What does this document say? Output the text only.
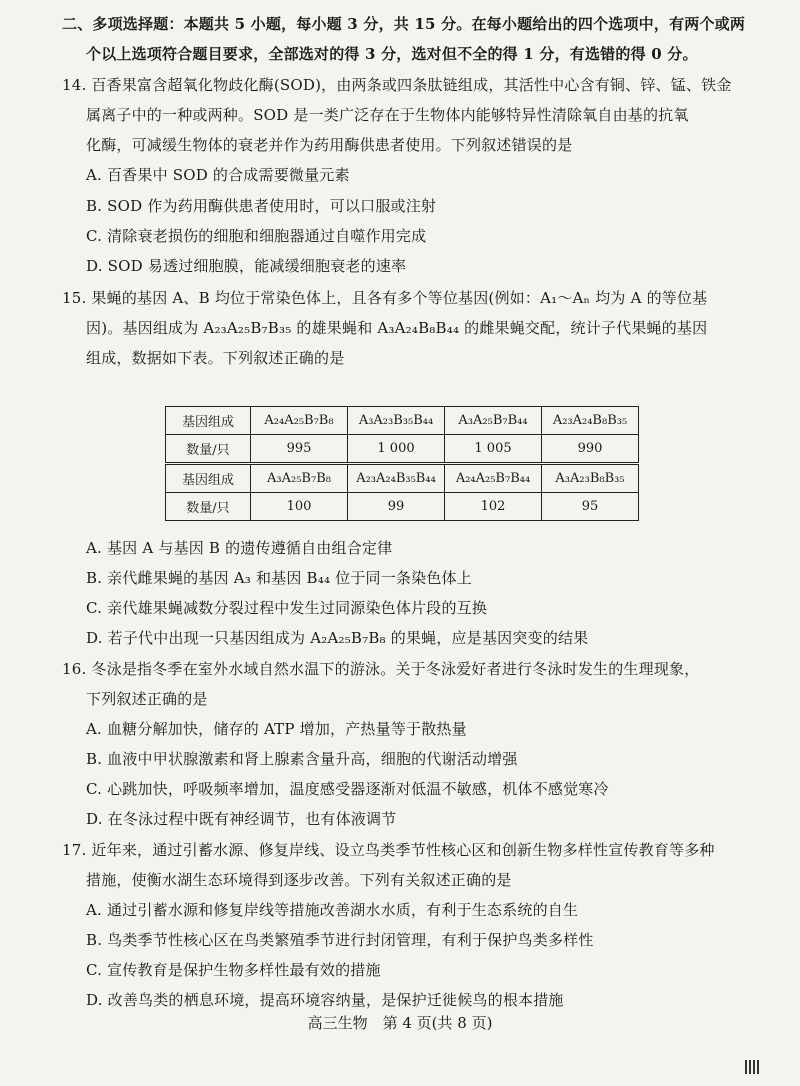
二、多项选择题：本题共 5 小题，每小题 3 分，共 15 分。在每小题给出的四个选项中，有两个或两
个以上选项符合题目要求，全部选对的得 3 分，选对但不全的得 1 分，有选错的得 0 分。
14. 百香果富含超氧化物歧化酶(SOD)，由两条或四条肽链组成，其活性中心含有铜、锌、锰、铁金
属离子中的一种或两种。SOD 是一类广泛存在于生物体内能够特异性清除氧自由基的抗氧
化酶，可减缓生物体的衰老并作为药用酶供患者使用。下列叙述错误的是
A. 百香果中 SOD 的合成需要微量元素
B. SOD 作为药用酶供患者使用时，可以口服或注射
C. 清除衰老损伤的细胞和细胞器通过自噬作用完成
D. SOD 易透过细胞膜，能减缓细胞衰老的速率
15. 果蝇的基因 A、B 均位于常染色体上，且各有多个等位基因(例如：A₁～Aₙ 均为 A 的等位基
因)。基因组成为 A₂₃A₂₅B₇B₃₅ 的雄果蝇和 A₃A₂₄B₈B₄₄ 的雌果蝇交配，统计子代果蝇的基因
组成，数据如下表。下列叙述正确的是
基因组成	A₂₄A₂₅B₇B₈	A₃A₂₃B₃₅B₄₄	A₃A₂₅B₇B₄₄	A₂₃A₂₄B₈B₃₅
数量/只	995	1 000	1 005	990
基因组成	A₃A₂₅B₇B₈	A₂₃A₂₄B₃₅B₄₄	A₂₄A₂₅B₇B₄₄	A₃A₂₃B₈B₃₅
数量/只	100	99	102	95
A. 基因 A 与基因 B 的遗传遵循自由组合定律
B. 亲代雌果蝇的基因 A₃ 和基因 B₄₄ 位于同一条染色体上
C. 亲代雄果蝇减数分裂过程中发生过同源染色体片段的互换
D. 若子代中出现一只基因组成为 A₂A₂₅B₇B₈ 的果蝇，应是基因突变的结果
16. 冬泳是指冬季在室外水域自然水温下的游泳。关于冬泳爱好者进行冬泳时发生的生理现象，
下列叙述正确的是
A. 血糖分解加快，储存的 ATP 增加，产热量等于散热量
B. 血液中甲状腺激素和肾上腺素含量升高，细胞的代谢活动增强
C. 心跳加快，呼吸频率增加，温度感受器逐渐对低温不敏感，机体不感觉寒冷
D. 在冬泳过程中既有神经调节，也有体液调节
17. 近年来，通过引蓄水源、修复岸线、设立鸟类季节性核心区和创新生物多样性宣传教育等多种
措施，使衡水湖生态环境得到逐步改善。下列有关叙述正确的是
A. 通过引蓄水源和修复岸线等措施改善湖水水质，有利于生态系统的自生
B. 鸟类季节性核心区在鸟类繁殖季节进行封闭管理，有利于保护鸟类多样性
C. 宣传教育是保护生物多样性最有效的措施
D. 改善鸟类的栖息环境，提高环境容纳量，是保护迁徙候鸟的根本措施
高三生物　第 4 页(共 8 页)
